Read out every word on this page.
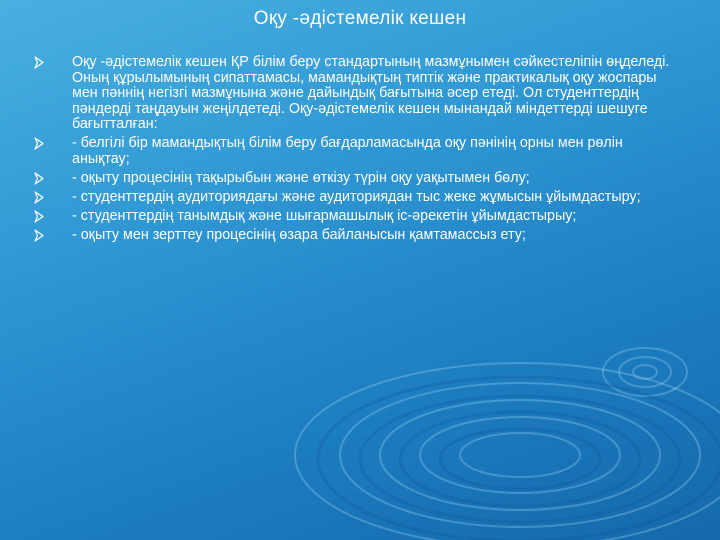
Оқу -әдістемелік кешен
Оқу -әдістемелік кешен ҚР білім беру стандартының мазмұнымен сәйкестеліпін өңделеді. Оның құрылымының сипаттамасы, мамандықтың типтік және практикалық оқу жоспары мен пәннің негізгі мазмұнына және дайындық бағытына әсер етеді. Ол студенттердің пәндерді таңдауын жеңілдетеді. Оқу-әдістемелік кешен мынандай міндеттерді шешуге бағытталған:
- белгілі бір мамандықтың білім беру бағдарламасында оқу пәнінің орны мен рөлін анықтау;
- оқыту процесінің тақырыбын және өткізу түрін оқу уақытымен бөлу;
- студенттердің аудиториядағы және аудиториядан тыс жеке жұмысын ұйымдастыру;
- студенттердің танымдық және шығармашылық іс-әрекетін ұйымдастырыу;
- оқыту мен зерттеу процесінің өзара байланысын қамтамассыз ету;
